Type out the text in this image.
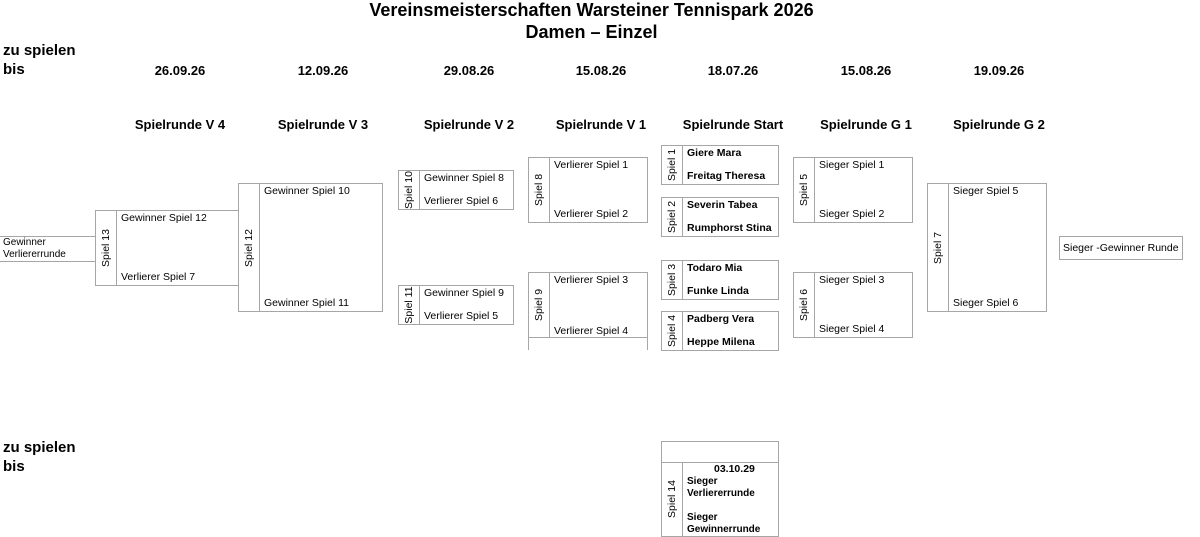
Vereinsmeisterschaften Warsteiner Tennispark 2026
Damen – Einzel
zu spielen bis
zu spielen bis
26.09.26	12.09.26	29.08.26	15.08.26	18.07.26	15.08.26	19.09.26
Spielrunde V 4	Spielrunde V 3	Spielrunde V 2	Spielrunde V 1	Spielrunde Start	Spielrunde G 1	Spielrunde G 2
Gewinner Verliererrunde
Sieger -Gewinner Runde
Spiel 13
Gewinner Spiel 12
Verlierer Spiel 7
Spiel 12
Gewinner Spiel 10
Gewinner Spiel 11
Spiel 10 Gewinner Spiel 8
Verlierer Spiel 6
Spiel 11 Gewinner Spiel 9
Verlierer Spiel 5
Spiel 8
Verlierer Spiel 1
Verlierer Spiel 2
Spiel 9
Verlierer Spiel 3
Verlierer Spiel 4
Spiel 1 Giere Mara
Freitag Theresa
Spiel 2 Severin Tabea
Rumphorst Stina
Spiel 3 Todaro Mia
Funke Linda
Spiel 4 Padberg Vera
Heppe Milena
Spiel 5
Sieger Spiel 1
Sieger Spiel 2
Spiel 6
Sieger Spiel 3
Sieger Spiel 4
Spiel 7
Sieger Spiel 5
Sieger Spiel 6
Spiel 14
03.10.29
Sieger Verliererrunde
Sieger Gewinnerrunde
